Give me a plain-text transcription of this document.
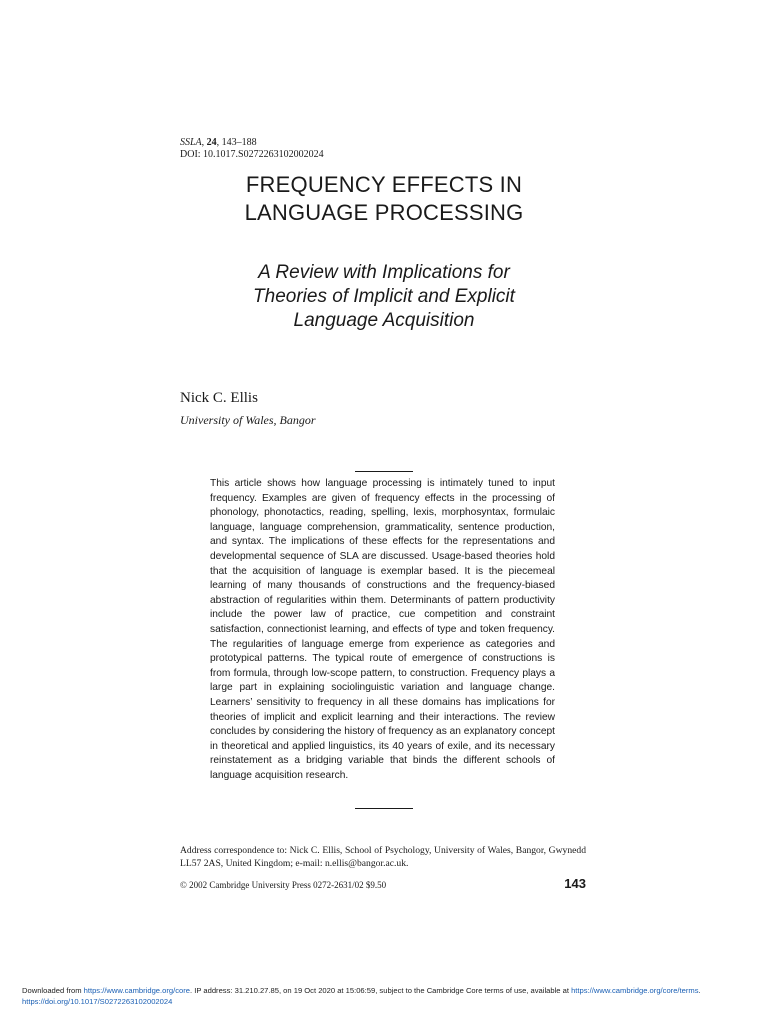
SSLA, 24, 143–188
DOI: 10.1017.S0272263102002024
FREQUENCY EFFECTS IN
LANGUAGE PROCESSING
A Review with Implications for
Theories of Implicit and Explicit
Language Acquisition
Nick C. Ellis
University of Wales, Bangor

This article shows how language processing is intimately tuned to input frequency. Examples are given of frequency effects in the processing of phonology, phonotactics, reading, spelling, lexis, morphosyntax, formulaic language, language comprehension, grammaticality, sentence production, and syntax. The implications of these effects for the representations and developmental sequence of SLA are discussed. Usage-based theories hold that the acquisition of language is exemplar based. It is the piecemeal learning of many thousands of constructions and the frequency-biased abstraction of regularities within them. Determinants of pattern productivity include the power law of practice, cue competition and constraint satisfaction, connectionist learning, and effects of type and token frequency. The regularities of language emerge from experience as categories and prototypical patterns. The typical route of emergence of constructions is from formula, through low-scope pattern, to construction. Frequency plays a large part in explaining sociolinguistic variation and language change. Learners’ sensitivity to frequency in all these domains has implications for theories of implicit and explicit learning and their interactions. The review concludes by considering the history of frequency as an explanatory concept in theoretical and applied linguistics, its 40 years of exile, and its necessary reinstatement as a bridging variable that binds the different schools of language acquisition research.

Address correspondence to: Nick C. Ellis, School of Psychology, University of Wales, Bangor, Gwynedd LL57 2AS, United Kingdom; e-mail: n.ellis@bangor.ac.uk.
© 2002 Cambridge University Press 0272-2631/02 $9.50	143
Downloaded from https://www.cambridge.org/core. IP address: 31.210.27.85, on 19 Oct 2020 at 15:06:59, subject to the Cambridge Core terms of use, available at https://www.cambridge.org/core/terms.
https://doi.org/10.1017/S0272263102002024
